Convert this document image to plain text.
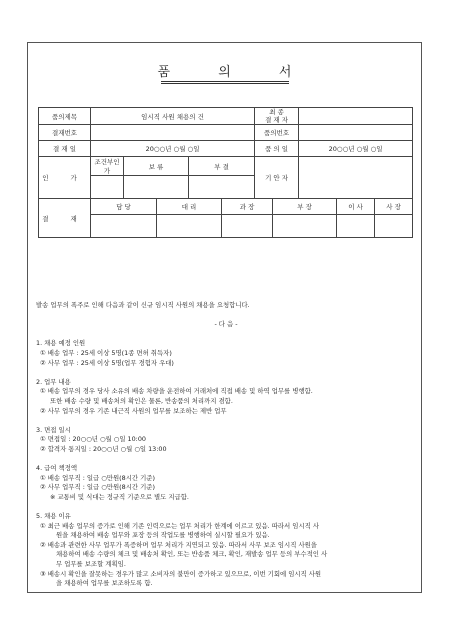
품 의 서
품의제목	임시직 사원 채용의 건					최 종
결 재 자				

결재번호						품의번호				
결 재 일	20○○년 ○월 ○일					품 의 일		20○○년 ○월 ○일		
인 가	조건부인가	보 류		부 결		기 안 자				

결 재	담 당		대 리		과 장		부 장		이 사	사 장

발송 업무의 폭주로 인해 다음과 같이 신규 임시직 사원의 채용을 요청합니다.

- 다 음 -

1. 채용 예정 인원

① 배송 업무 : 25세 이상 5명(1종 면허 취득자)

② 사무 업무 : 25세 이상 5명(업무 경험자 우대)

2. 업무 내용

① 배송 업무의 경우 당사 소유의 배송 차량을 운전하여 거래처에 직접 배송 및 하역 업무를 병행함.

또한 배송 수량 및 배송처의 확인은 물론, 반송품의 처리까지 겸함.

② 사무 업무의 경우 기존 내근직 사원의 업무를 보조하는 제반 업무

3. 면접 일시

① 면접일 : 20○○년 ○월 ○일 10:00

② 합격자 통지일 : 20○○년 ○월 ○일 13:00

4. 급여 책정액

① 배송 업무직 : 일급 ○만원(8시간 기준)

② 사무 업무직 : 일급 ○만원(8시간 기준)

※ 교통비 및 식대는 정규직 기준으로 별도 지급함.

5. 채용 이유

① 최근 배송 업무의 증가로 인해 기존 인력으로는 업무 처리가 한계에 이르고 있음. 따라서 임시직 사

원을 채용하여 배송 업무와 포장 등의 작업도를 병행하여 실시할 필요가 있음.

② 배송과 관련한 사무 업무가 폭증하며 업무 처리가 지연되고 있음. 따라서 사무 보조 임시직 사원을

채용하여 배송 수량의 체크 및 배송처 확인, 또는 반송품 체크, 확인, 재발송 업무 등의 부수적인 사

무 업무를 보조할 계획임.

③ 배송시 확인을 잘못하는 경우가 많고 소비자의 불만이 증가하고 있으므로, 이번 기회에 임시직 사원

을 채용하여 업무를 보조하도록 함.
